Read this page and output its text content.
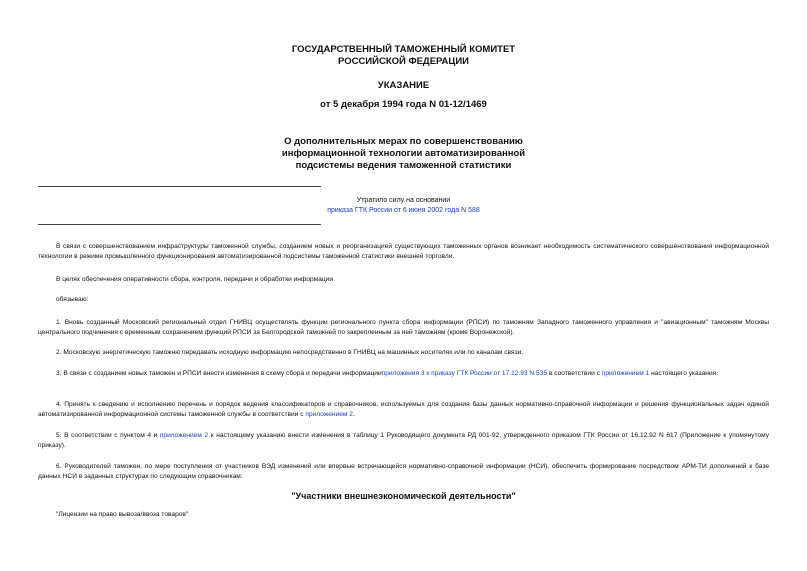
ГОСУДАРСТВЕННЫЙ ТАМОЖЕННЫЙ КОМИТЕТ
РОССИЙСКОЙ ФЕДЕРАЦИИ
УКАЗАНИЕ
от 5 декабря 1994 года N 01-12/1469
О дополнительных мерах по совершенствованию
информационной технологии автоматизированной
подсистемы ведения таможенной статистики
Утратило силу на основании
приказа ГТК России от 6 июня 2002 года N 588
В связи с совершенствованием инфраструктуры таможенной службы, созданием новых и реорганизацией существующих таможенных органов возникает необходимость систематического совершенствования информационной технологии в режиме промышленного функционирования автоматизированной подсистемы таможенной статистики внешней торговли.
В целях обеспечения оперативности сбора, контроля, передачи и обработки информации
обязываю:
1. Вновь созданный Московский региональный отдел ГНИВЦ осуществлять функции регионального пункта сбора информации (РПСИ) по таможням Западного таможенного управления и "авиационным" таможням Москвы центрального подчинения с временным сохранением функций РПСИ за Белгородской таможней по закрепленным за ней таможням (кроме Воронежской).
2. Московскую энергетическую таможню передавать исходную информацию непосредственно в ГНИВЦ на машинных носителях или по каналам связи.
3. В связи с созданием новых таможен и РПСИ внести изменения в схему сбора и передачи информацииприложения 3 к приказу ГТК России от 17.12.93 N 535 в соответствии с приложением 1 настоящего указания.
4. Принять к сведению и исполнению перечень и порядок ведения классификаторов и справочников, используемых для создания базы данных нормативно-справочной информации и решения функциональных задач единой автоматизированной информационной системы таможенной службы в соответствии с приложением 2.
5. В соответствии с пунктом 4 и приложением 2 к настоящему указанию внести изменения в таблицу 1 Руководящего документа РД 001-92, утвержденного приказом ГТК России от 16.12.92 N 617 (Приложение к упомянутому приказу).
6. Руководителей таможен, по мере поступления от участников ВЭД изменений или впервые встречающейся нормативно-справочной информации (НСИ), обеспечить формирование посредством АРМ-ТИ дополнений к базе данных НСИ в заданных структурах по следующим справочникам:
"Участники внешнеэкономической деятельности"
"Лицензии на право вывоза/ввоза товаров"
